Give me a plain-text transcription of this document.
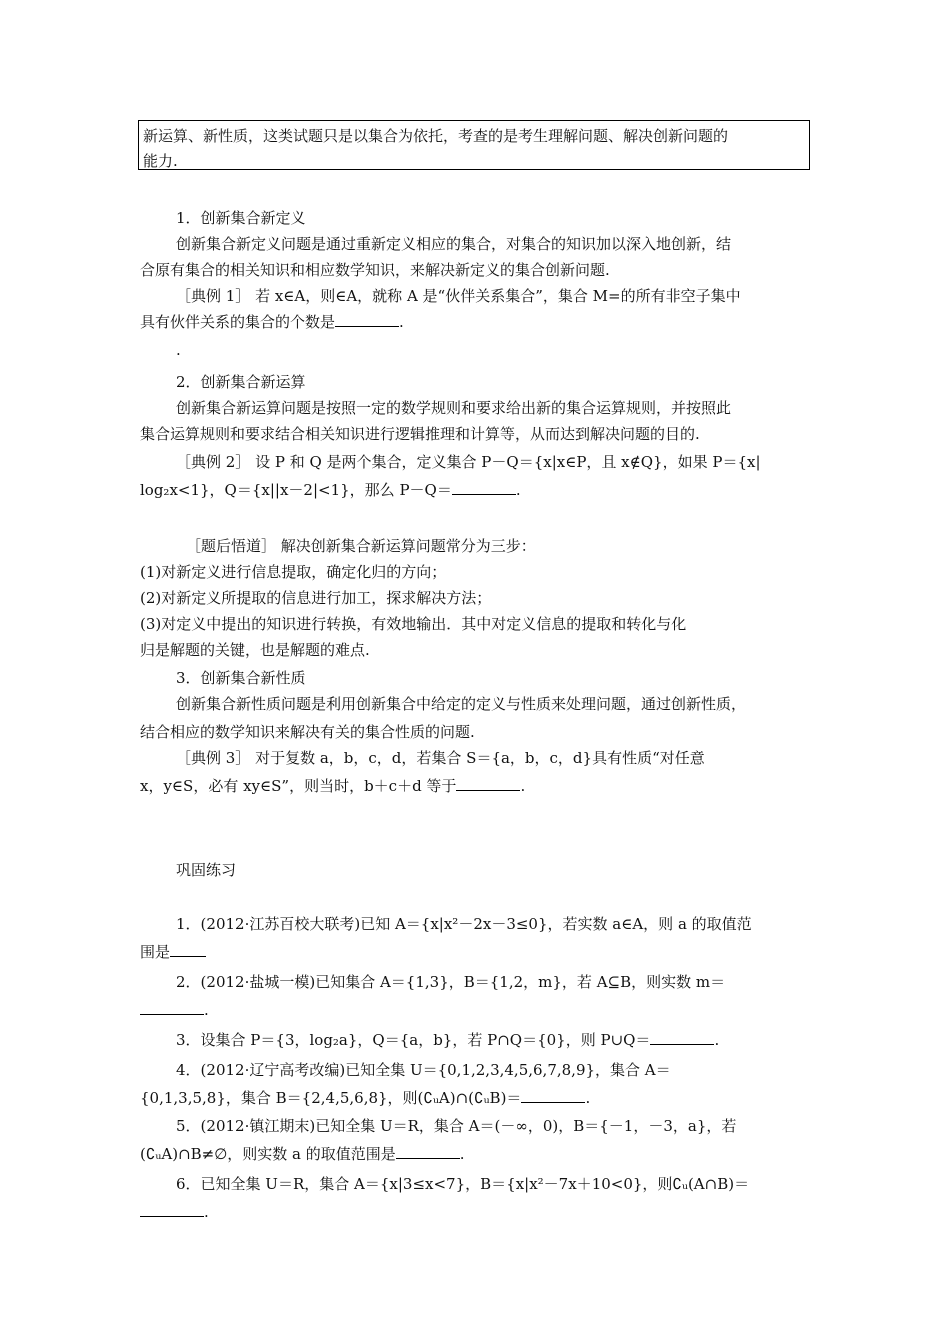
新运算、新性质，这类试题只是以集合为依托，考查的是考生理解问题、解决创新问题的
能力.
1．创新集合新定义
创新集合新定义问题是通过重新定义相应的集合，对集合的知识加以深入地创新，结
合原有集合的相关知识和相应数学知识，来解决新定义的集合创新问题.
［典例 1］ 若 x∈A，则∈A，就称 A 是“伙伴关系集合”，集合 M=的所有非空子集中
具有伙伴关系的集合的个数是	.
.
2．创新集合新运算
创新集合新运算问题是按照一定的数学规则和要求给出新的集合运算规则，并按照此
集合运算规则和要求结合相关知识进行逻辑推理和计算等，从而达到解决问题的目的.
［典例 2］ 设 P 和 Q 是两个集合，定义集合 P－Q＝{x|x∈P，且 x∉Q}，如果 P＝{x|
log₂x<1}，Q＝{x||x－2|<1}，那么 P－Q＝	.
［题后悟道］ 解决创新集合新运算问题常分为三步：
(1)对新定义进行信息提取，确定化归的方向；
(2)对新定义所提取的信息进行加工，探求解决方法；
(3)对定义中提出的知识进行转换，有效地输出．其中对定义信息的提取和转化与化
归是解题的关键，也是解题的难点.
3．创新集合新性质
创新集合新性质问题是利用创新集合中给定的定义与性质来处理问题，通过创新性质，
结合相应的数学知识来解决有关的集合性质的问题.
［典例 3］ 对于复数 a，b，c，d，若集合 S＝{a，b，c，d}具有性质“对任意
x，y∈S，必有 xy∈S”，则当时，b＋c＋d 等于	.
巩固练习
1．(2012·江苏百校大联考)已知 A＝{x|x²－2x－3≤0}，若实数 a∈A，则 a 的取值范
围是
2．(2012·盐城一模)已知集合 A＝{1,3}，B＝{1,2，m}，若 A⊆B，则实数 m＝
.
3．设集合 P＝{3，log₂a}，Q＝{a，b}，若 P∩Q＝{0}，则 P∪Q＝	.
4．(2012·辽宁高考改编)已知全集 U＝{0,1,2,3,4,5,6,7,8,9}，集合 A＝
{0,1,3,5,8}，集合 B＝{2,4,5,6,8}，则(∁ᵤA)∩(∁ᵤB)＝	.
5．(2012·镇江期末)已知全集 U＝R，集合 A＝(－∞，0)，B＝{－1，－3，a}，若
(∁ᵤA)∩B≠∅，则实数 a 的取值范围是	.
6．已知全集 U＝R，集合 A＝{x|3≤x<7}，B＝{x|x²－7x＋10<0}，则∁ᵤ(A∩B)＝
.
